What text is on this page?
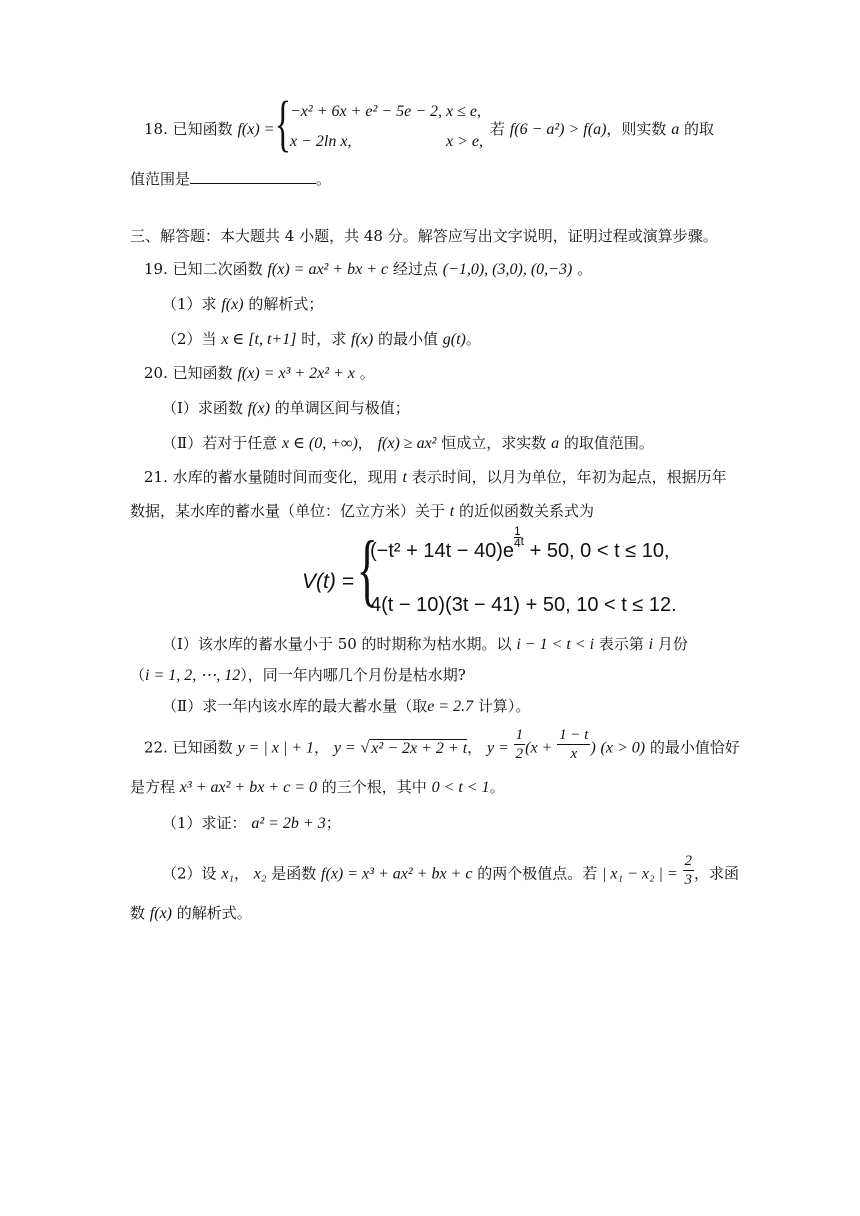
18. 已知函数 f(x) = {
−x² + 6x + e² − 5e − 2, x ≤ e,
x − 2ln x,	x > e,
若 f(6 − a²) > f(a)，则实数 a 的取
值范围是	。
三、解答题：本大题共 4 小题，共 48 分。解答应写出文字说明，证明过程或演算步骤。
19. 已知二次函数 f(x) = ax² + bx + c 经过点 (−1,0), (3,0), (0,−3) 。
（1）求 f(x) 的解析式；
（2）当 x ∈ [t, t+1] 时，求 f(x) 的最小值 g(t)。
20. 已知函数 f(x) = x³ + 2x² + x 。
（Ⅰ）求函数 f(x) 的单调区间与极值；
（Ⅱ）若对于任意 x ∈ (0, +∞)， f(x) ≥ ax² 恒成立，求实数 a 的取值范围。
21. 水库的蓄水量随时间而变化，现用 t 表示时间，以月为单位，年初为起点，根据历年
数据，某水库的蓄水量（单位：亿立方米）关于 t 的近似函数关系式为
V(t) = {
(−t² + 14t − 40)e
$\frac{1}{4} ^t + 50$, 0 < t ≤ 10,
4(t − 10)(3t − 41) + 50, 10 < t ≤ 12.
（Ⅰ）该水库的蓄水量小于 50 的时期称为枯水期。以 i − 1 < t < i 表示第 i 月份
（i = 1, 2, ⋯, 12），同一年内哪几个月份是枯水期?
（Ⅱ）求一年内该水库的最大蓄水量（取e = 2.7 计算）。
22. 已知函数 y = | x | + 1， y = √ x² − 2x + 2 + t， $y = \frac{1}{2} (x + \frac{1 - t}{x}$ ) (x > 0) 的最小值恰好
是方程 x³ + ax² + bx + c = 0 的三个根，其中 0 < t < 1。
（1）求证： a² = 2b + 3；
（2）设 x₁， x₂ 是函数 f(x) = x³ + ax² + bx + c 的两个极值点。若 | x₁ − x₂ | = $\frac{2}{3}$ ，求函
数 f(x) 的解析式。
